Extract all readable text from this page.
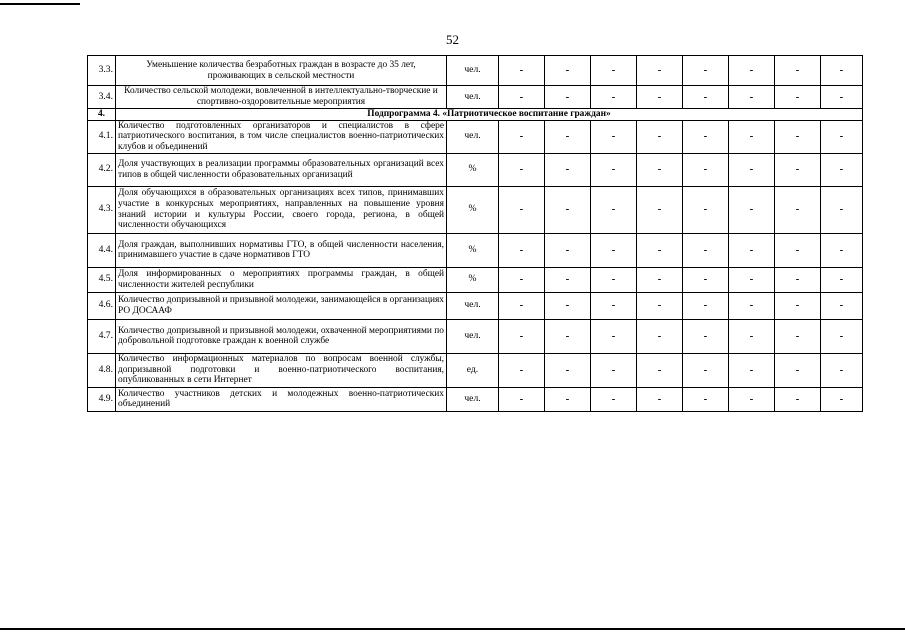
52
3.3.	Уменьшение количества безработных граждан в возрасте до 35 лет, проживающих в сельской местности	чел.	-	-	-	-	-	-	-	-
3.4.	Количество сельской молодежи, вовлеченной в интеллектуально-творческие и спортивно-оздоровительные мероприятия	чел.	-	-	-	-	-	-	-	-
4.	Подпрограмма 4. «Патриотическое воспитание граждан»									
4.1.	Количество подготовленных организаторов и специалистов в сфере патриотического воспитания, в том числе специалистов военно-патриотических клубов и объединений	чел.	-	-	-	-	-	-	-	-
4.2.	Доля участвующих в реализации программы образовательных организаций всех типов в общей численности образовательных организаций	%	-	-	-	-	-	-	-	-
4.3.	Доля обучающихся в образовательных организациях всех типов, принимавших участие в конкурсных мероприятиях, направленных на повышение уровня знаний истории и культуры России, своего города, региона, в общей численности обучающихся	%	-	-	-	-	-	-	-	-
4.4.	Доля граждан, выполнивших нормативы ГТО, в общей численности населения, принимавшего участие в сдаче нормативов ГТО	%	-	-	-	-	-	-	-	-
4.5.	Доля информированных о мероприятиях программы граждан, в общей численности жителей республики	%	-	-	-	-	-	-	-	-
4.6.	Количество допризывной и призывной молодежи, занимающейся в организациях РО ДОСААФ	чел.	-	-	-	-	-	-	-	-
4.7.	Количество допризывной и призывной молодежи, охваченной мероприятиями по добровольной подготовке граждан к военной службе	чел.	-	-	-	-	-	-	-	-
4.8.	Количество информационных материалов по вопросам военной службы, допризывной подготовки и военно-патриотического воспитания, опубликованных в сети Интернет	ед.	-	-	-	-	-	-	-	-
4.9.	Количество участников детских и молодежных военно-патриотических объединений	чел.	-	-	-	-	-	-	-	-
